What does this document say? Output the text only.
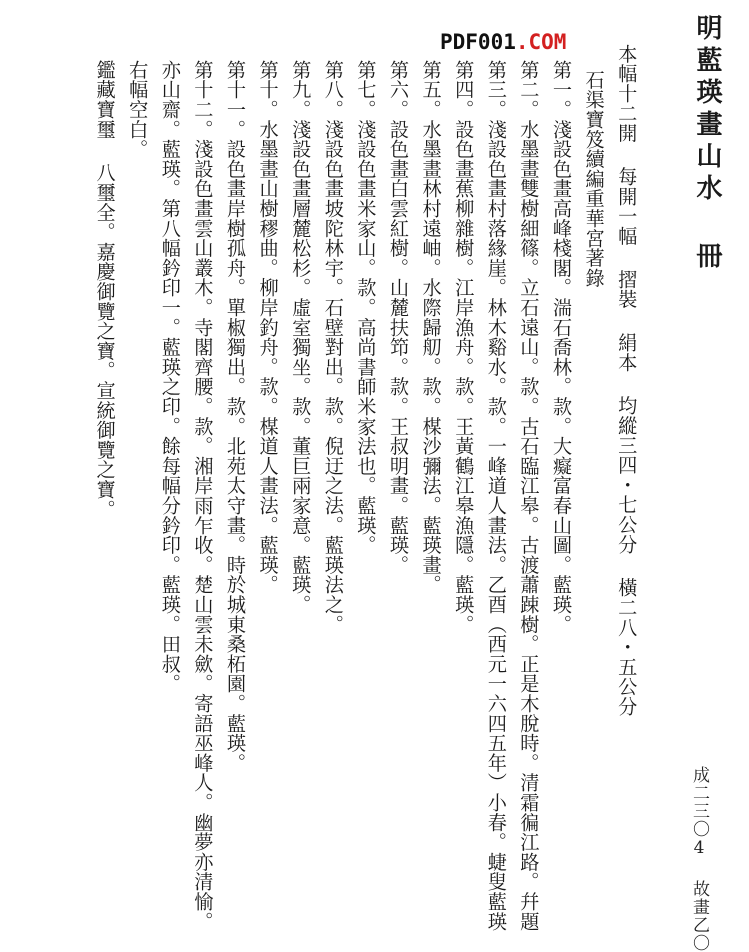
明藍瑛畫山水 冊
PDF001.COM
成二三〇4 故畫乙〇
本幅十二開 每開一幅 摺裝 絹本 均縱三四・七公分 橫二八・五公分
石渠寶笈續編重華宮著錄
第一。淺設色畫高峰棧閣。湍石喬林。款。大癡富春山圖。藍瑛。
第二。水墨畫雙樹細篠。立石遠山。款。古石臨江皋。古渡蕭踈樹。正是木脫時。清霜徧江路。幷題
第三。淺設色畫村落緣崖。林木谿水。款。一峰道人畫法。乙酉（西元一六四五年）小春。蜨叟藍瑛
第四。設色畫蕉柳雜樹。江岸漁舟。款。王黃鶴江皋漁隱。藍瑛。
第五。水墨畫林村遠岫。水際歸舠。款。楳沙彌法。藍瑛畫。
第六。設色畫白雲紅樹。山麓扶笻。款。王叔明畫。藍瑛。
第七。淺設色畫米家山。款。高尚書師米家法也。藍瑛。
第八。淺設色畫坡陀林宇。石壁對出。款。倪迂之法。藍瑛法之。
第九。淺設色畫層麓松杉。虛室獨坐。款。董巨兩家意。藍瑛。
第十。水墨畫山樹穋曲。柳岸釣舟。款。楳道人畫法。藍瑛。
第十一。設色畫岸樹孤舟。單椒獨出。款。北苑太守畫。時於城東桑柘園。藍瑛。
第十二。淺設色畫雲山叢木。寺閣齊腰。款。湘岸雨乍收。楚山雲未歛。寄語巫峰人。幽夢亦清愉。
亦山齋。藍瑛。第八幅鈐印一。藍瑛之印。餘每幅分鈐印。藍瑛。田叔。
右幅空白。
鑑藏寶璽 八璽全。嘉慶御覽之寶。宣統御覽之寶。
